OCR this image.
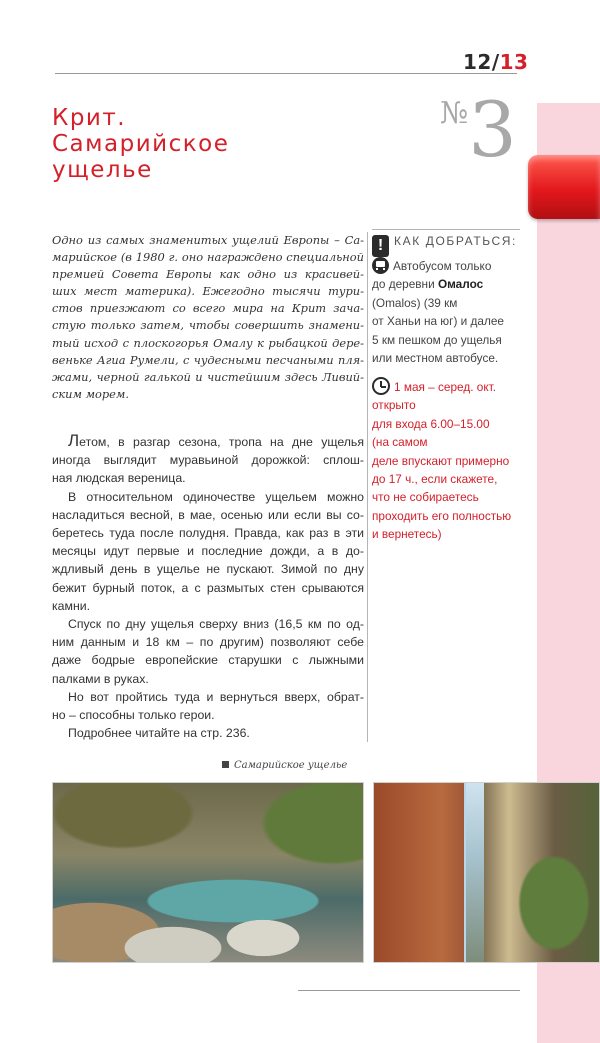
12/13
Крит.
Самарийское
ущелье
№3
Одно из самых знаменитых ущелий Европы – Са-
марийское (в 1980 г. оно награждено специальной
премией Совета Европы как одно из красивей-
ших мест материка). Ежегодно тысячи тури-
стов приезжают со всего мира на Крит зача-
стую только затем, чтобы совершить знамени-
тый исход с плоскогорья Омалу к рыбацкой дере-
веньке Агиа Румели, с чудесными песчаными пля-
жами, черной галькой и чистейшим здесь Ливий-
ским морем.
Летом, в разгар сезона, тропа на дне ущелья
иногда выглядит муравьиной дорожкой: сплош-
ная людская вереница.
В относительном одиночестве ущельем можно
насладиться весной, в мае, осенью или если вы со-
беретесь туда после полудня. Правда, как раз в эти
месяцы идут первые и последние дожди, а в до-
ждливый день в ущелье не пускают. Зимой по дну
бежит бурный поток, а с размытых стен срываются
камни.
Спуск по дну ущелья сверху вниз (16,5 км по од-
ним данным и 18 км – по другим) позволяют себе
даже бодрые европейские старушки с лыжными
палками в руках.
Но вот пройтись туда и вернуться вверх, обрат-
но – способны только герои.
Подробнее читайте на стр. 236.
! КАК ДОБРАТЬСЯ:
Автобусом только
до деревни Омалос
(Omalos) (39 км
от Ханьи на юг) и далее
5 км пешком до ущелья
или местном автобусе.
1 мая – серед. окт.
открыто
для входа 6.00–15.00
(на самом
деле впускают примерно
до 17 ч., если скажете,
что не собираетесь
проходить его полностью
и вернетесь)
Самарийское ущелье
